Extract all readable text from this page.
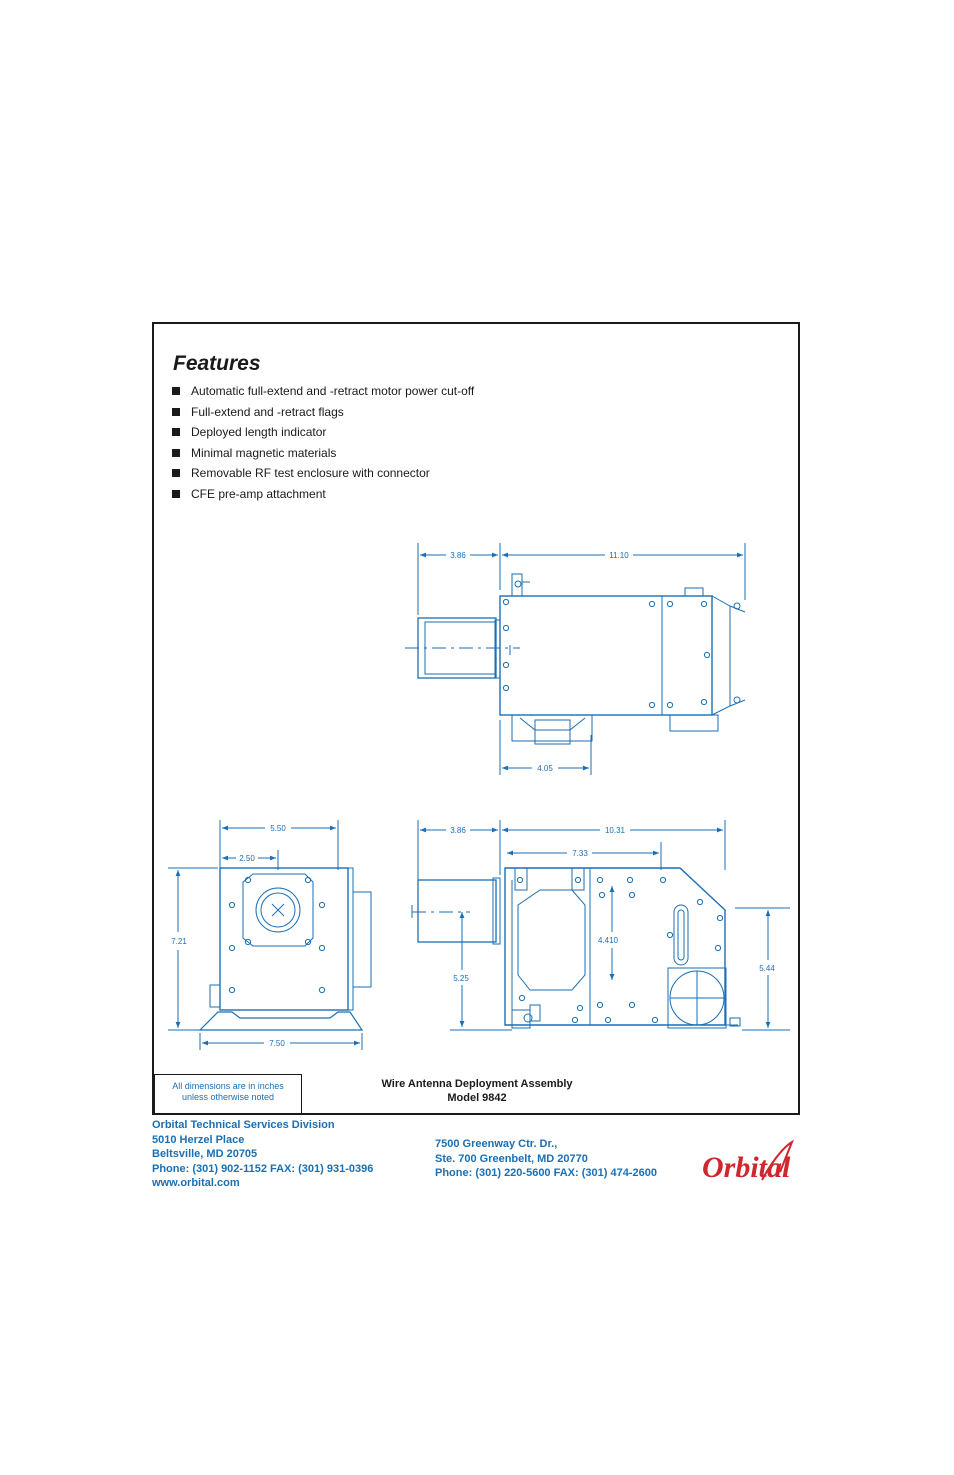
Features
Automatic full-extend and -retract motor power cut-off
Full-extend and -retract flags
Deployed length indicator
Minimal magnetic materials
Removable RF test enclosure with connector
CFE pre-amp attachment
3.86	11.10
4.05
5.50
2.50
7.21
7.50
3.86	10.31
7.33
4.410
5.25
5.44
All dimensions are in inches
unless otherwise noted
Wire Antenna Deployment Assembly
Model 9842
Orbital Technical Services Division
5010 Herzel Place
Beltsville, MD 20705
Phone: (301) 902-1152 FAX: (301) 931-0396
www.orbital.com
7500 Greenway Ctr. Dr.,
Ste. 700 Greenbelt, MD 20770
Phone: (301) 220-5600 FAX: (301) 474-2600 Orbital
